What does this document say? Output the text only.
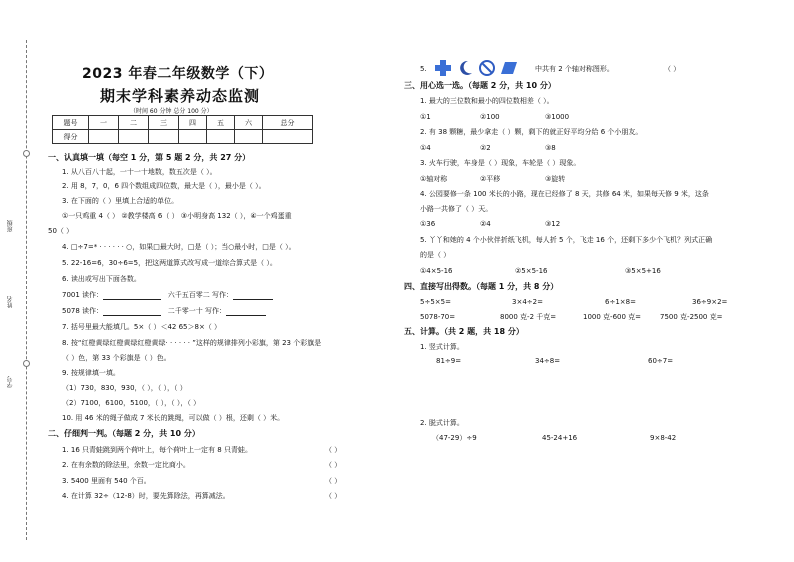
班级
姓名
学号
2023 年春二年级数学（下）
期末学科素养动态监测
（时间 60 分钟 总分 100 分）
题号	一	二	三	四	五	六	总分
得分							
一、认真填一填（每空 1 分，第 5 题 2 分，共 27 分）
1. 从八百八十起，一十一十地数，数五次是（ ）。
2. 用 8，7，0，6 四个数组成四位数，最大是（ ），最小是（ ）。
3. 在下面的（ ）里填上合适的单位。
①一只鸡重 4（ ） ②教学楼高 6（ ） ③小明身高 132（ ），④一个鸡蛋重
50（ ）
4. □÷7=* · · · · · · ○，如果□最大时，□是（ ）；当○最小时，□是（ ）。
5. 22-16=6，30÷6=5，把这两道算式改写成一道综合算式是（ ）。
6. 读出或写出下面各数。
7001 读作：	六千五百零二 写作：
5078 读作：	二千零一十 写作：
7. 括号里最大能填几。5×（ ）＜42 65＞8×（ ）
8. 按“红橙黄绿红橙黄绿红橙黄绿· · · · · · ”这样的规律排列小彩旗，第 23 个彩旗是
（ ）色，第 33 个彩旗是（ ）色。
9. 按规律填一填。
（1）730，830，930，（ ），（ ），（ ）
（2）7100，6100，5100，（ ），（ ），（ ）
10. 用 46 米的绳子做成 7 米长的跳绳，可以做（ ）根，还剩（ ）米。
二、仔细判一判。（每题 2 分，共 10 分）
1. 16 只青蛙跳到两个荷叶上，每个荷叶上一定有 8 只青蛙。	（ ）
2. 在有余数的除法里，余数一定比商小。	（ ）
3. 5400 里面有 540 个百。	（ ）
4. 在计算 32÷（12-8）时，要先算除法，再算减法。	（ ）
5.	中共有 2 个轴对称图形。	（ ）
三、用心选一选。（每题 2 分，共 10 分）
1. 最大的三位数和最小的四位数相差（ ）。
①1	②100	③1000
2. 有 38 颗糖，最少拿走（ ）颗，剩下的就正好平均分给 6 个小朋友。
①4	②2	③8
3. 火车行驶，车身是（ ）现象，车轮是（ ）现象。
①轴对称	②平移	③旋转
4. 公园要修一条 100 米长的小路，现在已经修了 8 天，共修 64 米，如果每天修 9 米，这条
小路一共修了（ ）天。
①36	②4	③12
5. 丫丫和她的 4 个小伙伴折纸飞机，每人折 5 个，飞走 16 个，还剩下多少个飞机？列式正确
的是（ ）
①4×5-16	②5×5-16	③5×5+16
四、直接写出得数。（每题 1 分，共 8 分）
5÷5×5=	3×4÷2=	6÷1×8=	36÷9×2=
5078-70=	8000 克-2 千克=	1000 克-600 克=	7500 克-2500 克=
五、计算。（共 2 题，共 18 分）
1. 竖式计算。
81÷9=	34÷8=	60÷7=
2. 脱式计算。
（47-29）÷9	45-24+16	9×8-42
